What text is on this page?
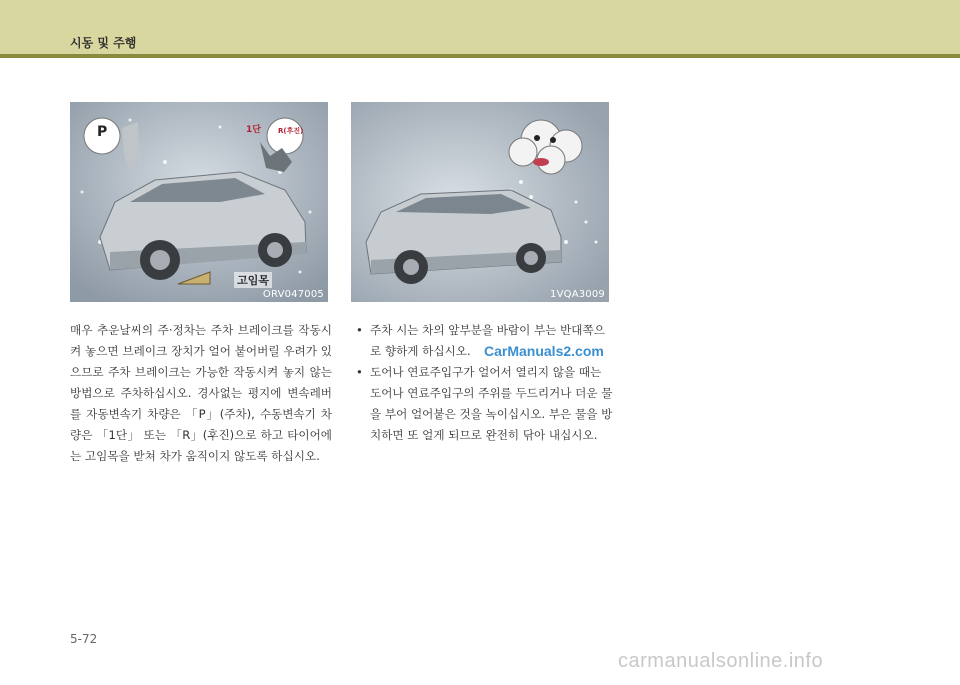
시동 및 주행
P	1단 R(후진)
고임목
ORV047005	1VQA3009
매우 추운날씨의 주·정차는 주차 브레이크를 작동시켜 놓으면 브레이크 장치가 얼어 붙어버릴 우려가 있으므로 주차 브레이크는 가능한 작동시켜 놓지 않는 방법으로 주차하십시오. 경사없는 평지에 변속레버를 자동변속기 차량은 「P」(주차), 수동변속기 차량은 「1단」 또는 「R」(후진)으로 하고 타이어에는 고임목을 받쳐 차가 움직이지 않도록 하십시오.
• 주차 시는 차의 앞부분을 바람이 부는 반대쪽으로 향하게 하십시오.
• 도어나 연료주입구가 얼어서 열리지 않을 때는 도어나 연료주입구의 주위를 두드리거나 더운 물을 부어 얼어붙은 것을 녹이십시오. 부은 물을 방치하면 또 얼게 되므로 완전히 닦아 내십시오.
CarManuals2.com
5-72
carmanualsonline.info
